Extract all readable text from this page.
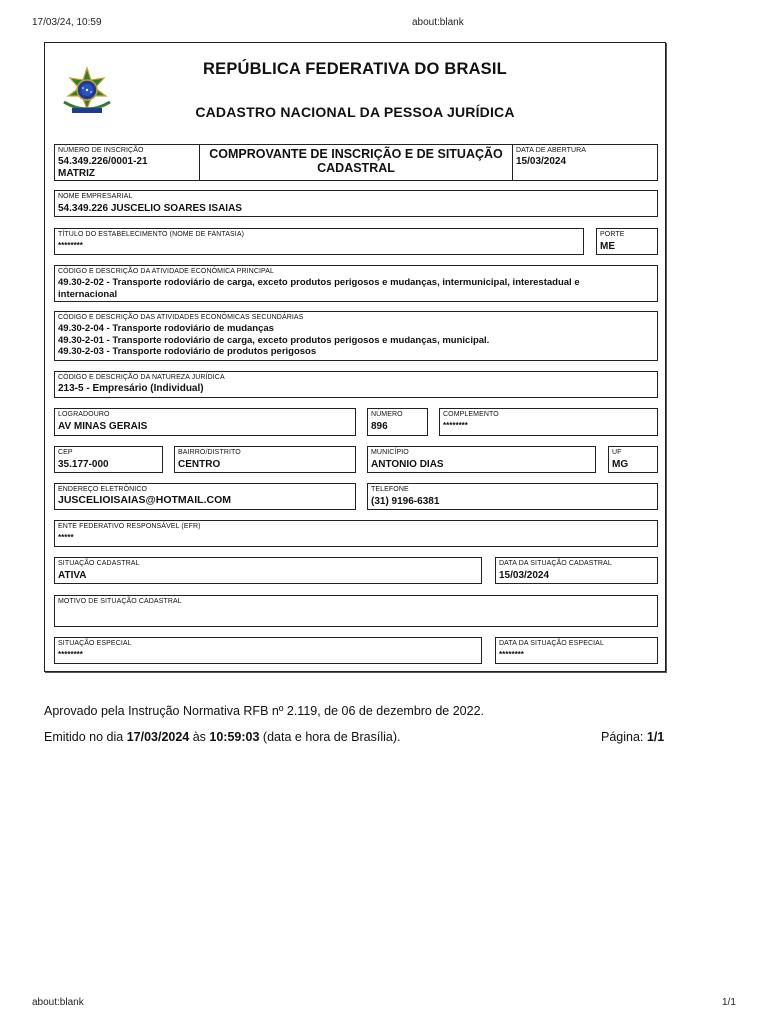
17/03/24, 10:59	about:blank
REPÚBLICA FEDERATIVA DO BRASIL
CADASTRO NACIONAL DA PESSOA JURÍDICA
NÚMERO DE INSCRIÇÃO
54.349.226/0001-21
MATRIZ
COMPROVANTE DE INSCRIÇÃO E DE SITUAÇÃO
CADASTRAL
DATA DE ABERTURA
15/03/2024
NOME EMPRESARIAL
54.349.226 JUSCELIO SOARES ISAIAS
TÍTULO DO ESTABELECIMENTO (NOME DE FANTASIA)
********
PORTE
ME
CÓDIGO E DESCRIÇÃO DA ATIVIDADE ECONÔMICA PRINCIPAL
49.30-2-02 - Transporte rodoviário de carga, exceto produtos perigosos e mudanças, intermunicipal, interestadual e
internacional
CÓDIGO E DESCRIÇÃO DAS ATIVIDADES ECONÔMICAS SECUNDÁRIAS
49.30-2-04 - Transporte rodoviário de mudanças
49.30-2-01 - Transporte rodoviário de carga, exceto produtos perigosos e mudanças, municipal.
49.30-2-03 - Transporte rodoviário de produtos perigosos
CÓDIGO E DESCRIÇÃO DA NATUREZA JURÍDICA
213-5 - Empresário (Individual)
LOGRADOURO
AV MINAS GERAIS
NÚMERO
896
COMPLEMENTO
********
CEP
35.177-000
BAIRRO/DISTRITO
CENTRO
MUNICÍPIO
ANTONIO DIAS
UF
MG
ENDEREÇO ELETRÔNICO
JUSCELIOISAIAS@HOTMAIL.COM
TELEFONE
(31) 9196-6381
ENTE FEDERATIVO RESPONSÁVEL (EFR)
*****
SITUAÇÃO CADASTRAL
ATIVA
DATA DA SITUAÇÃO CADASTRAL
15/03/2024
MOTIVO DE SITUAÇÃO CADASTRAL
SITUAÇÃO ESPECIAL
********
DATA DA SITUAÇÃO ESPECIAL
********
Aprovado pela Instrução Normativa RFB nº 2.119, de 06 de dezembro de 2022.
Emitido no dia 17/03/2024 às 10:59:03 (data e hora de Brasília).	Página: 1/1
about:blank	1/1
